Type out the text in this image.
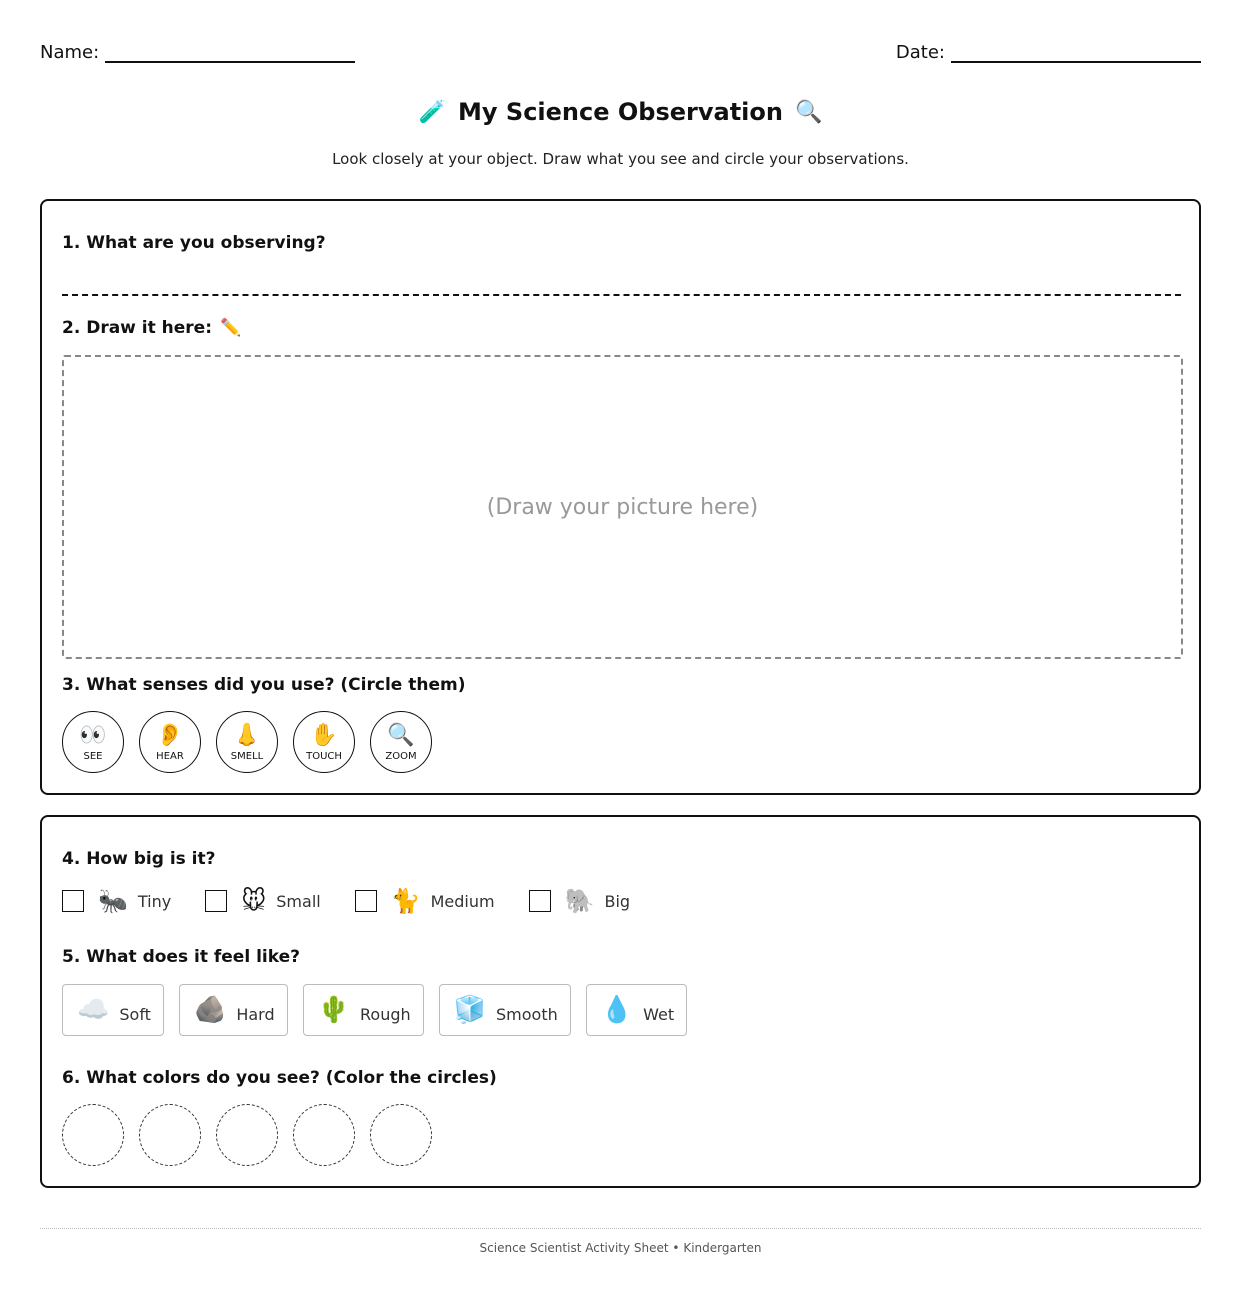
Name:	Date:
🧪 My Science Observation 🔍
Look closely at your object. Draw what you see and circle your observations.
1. What are you observing?
2. Draw it here: ✏️
(Draw your picture here)
3. What senses did you use? (Circle them)
👀
SEE
👂
HEAR
👃
SMELL
✋
TOUCH
🔍
ZOOM
4. How big is it?
🐜 Tiny	🐭 Small	🐈 Medium	🐘 Big
5. What does it feel like?
☁️ Soft 🪨 Hard 🌵 Rough 🧊 Smooth 💧 Wet
6. What colors do you see? (Color the circles)
Science Scientist Activity Sheet • Kindergarten
